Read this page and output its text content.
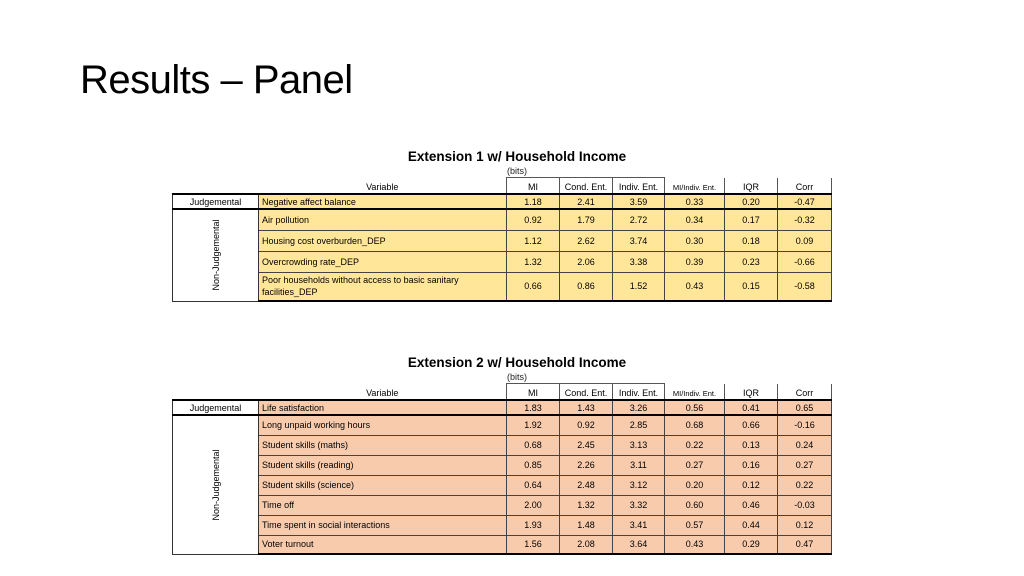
Results – Panel
Extension 1 w/ Household Income
(bits)
	Variable	MI	Cond. Ent.	Indiv. Ent.	MI/Indiv. Ent.	IQR	Corr
Judgemental	Negative affect balance	1.18	2.41	3.59	0.33	0.20	-0.47

Non-Judgemental	Air pollution	0.92	1.79	2.72	0.34	0.17	-0.32
	Housing cost overburden_DEP	1.12	2.62	3.74	0.30	0.18	0.09
	Overcrowding rate_DEP	1.32	2.06	3.38	0.39	0.23	-0.66
	Poor households without access to basic sanitary facilities_DEP	0.66	0.86	1.52	0.43	0.15	-0.58
Extension 2 w/ Household Income
(bits)
	Variable	MI	Cond. Ent.	Indiv. Ent.	MI/Indiv. Ent.	IQR	Corr
Judgemental	Life satisfaction	1.83	1.43	3.26	0.56	0.41	0.65

Non-Judgemental	Long unpaid working hours	1.92	0.92	2.85	0.68	0.66	-0.16
	Student skills (maths)	0.68	2.45	3.13	0.22	0.13	0.24
	Student skills (reading)	0.85	2.26	3.11	0.27	0.16	0.27
	Student skills (science)	0.64	2.48	3.12	0.20	0.12	0.22
	Time off	2.00	1.32	3.32	0.60	0.46	-0.03
	Time spent in social interactions	1.93	1.48	3.41	0.57	0.44	0.12
	Voter turnout	1.56	2.08	3.64	0.43	0.29	0.47
